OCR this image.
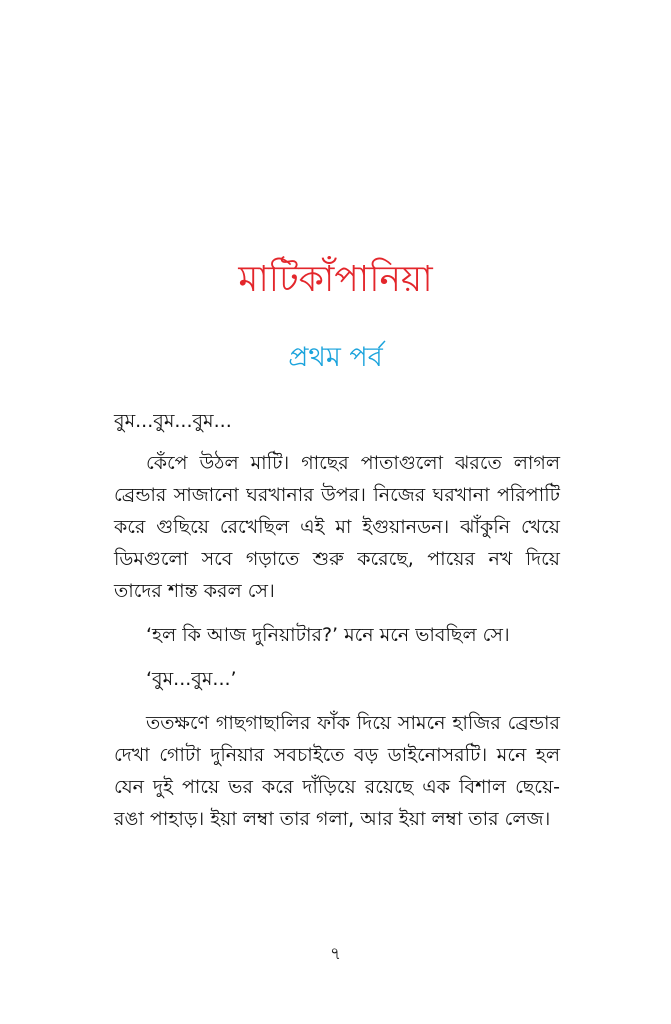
মাটিকাঁপানিয়া
প্রথম পর্ব

বুম...বুম...বুম...

কেঁপে উঠল মাটি। গাছের পাতাগুলো ঝরতে লাগল ব্রেন্ডার সাজানো ঘরখানার উপর। নিজের ঘরখানা পরিপাটি করে গুছিয়ে রেখেছিল এই মা ইগুয়ানডন। ঝাঁকুনি খেয়ে ডিমগুলো সবে গড়াতে শুরু করেছে, পায়ের নখ দিয়ে তাদের শান্ত করল সে।

‘হল কি আজ দুনিয়াটার?’ মনে মনে ভাবছিল সে।

‘বুম...বুম...’

ততক্ষণে গাছগাছালির ফাঁক দিয়ে সামনে হাজির ব্রেন্ডার দেখা গোটা দুনিয়ার সবচাইতে বড় ডাইনোসরটি। মনে হল যেন দুই পায়ে ভর করে দাঁড়িয়ে রয়েছে এক বিশাল ছেয়ে-রঙা পাহাড়। ইয়া লম্বা তার গলা, আর ইয়া লম্বা তার লেজ।

৭
